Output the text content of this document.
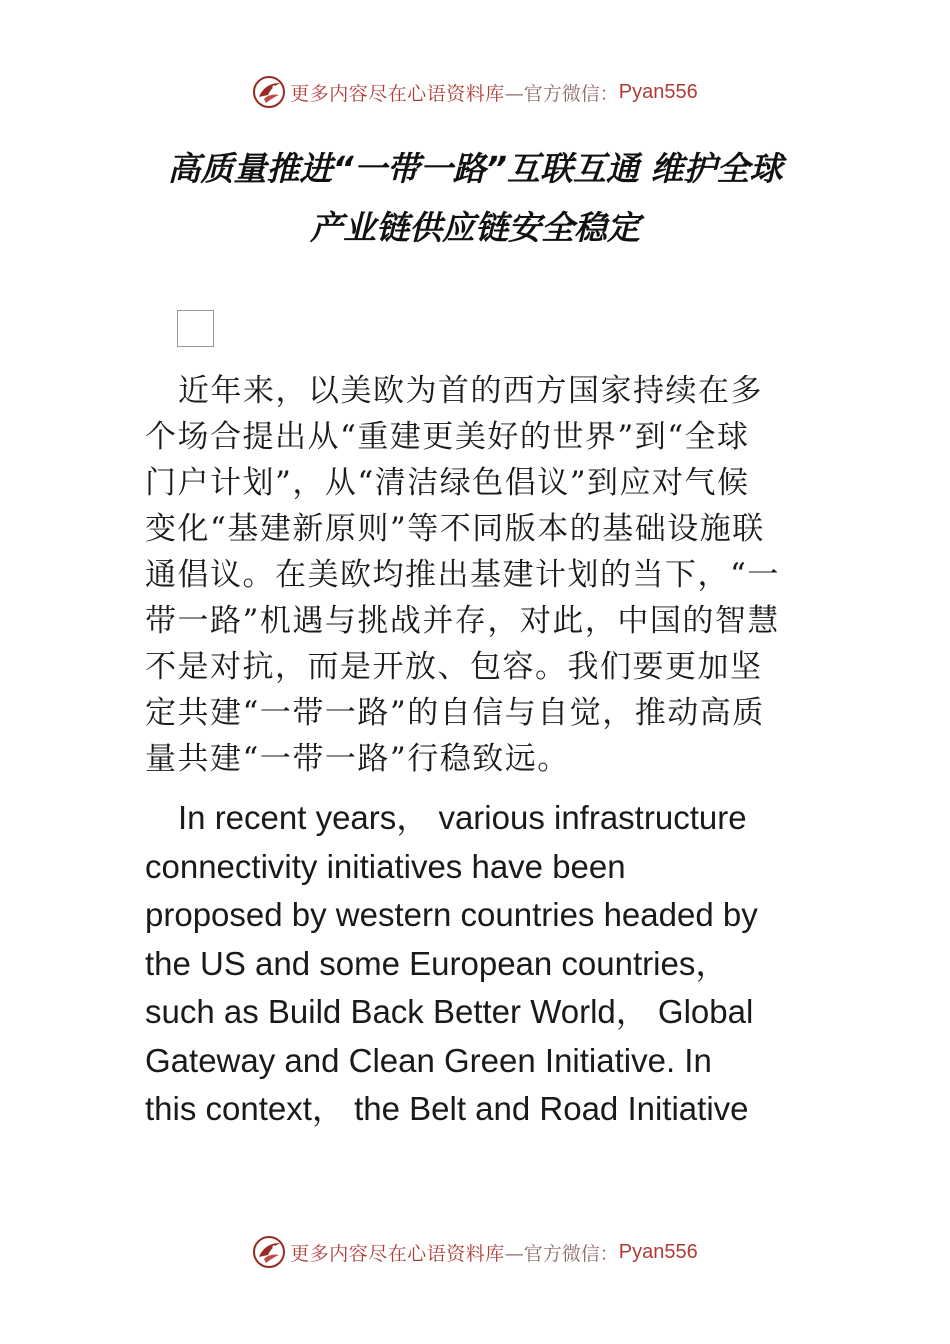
更多内容尽在心语资料库 —官方微信： Pyan556
高质量推进“一带一路”互联互通 维护全球
产业链供应链安全稳定
近年来，以美欧为首的西方国家持续在多
个场合提出从“重建更美好的世界”到“全球
门户计划”，从“清洁绿色倡议”到应对气候
变化“基建新原则”等不同版本的基础设施联
通倡议。在美欧均推出基建计划的当下，“一
带一路”机遇与挑战并存，对此，中国的智慧
不是对抗，而是开放、包容。我们要更加坚
定共建“一带一路”的自信与自觉，推动高质
量共建“一带一路”行稳致远。
In recent years， various infrastructure
connectivity initiatives have been
proposed by western countries headed by
the US and some European countries，
such as Build Back Better World， Global
Gateway and Clean Green Initiative. In
this context， the Belt and Road Initiative
更多内容尽在心语资料库 —官方微信： Pyan556
